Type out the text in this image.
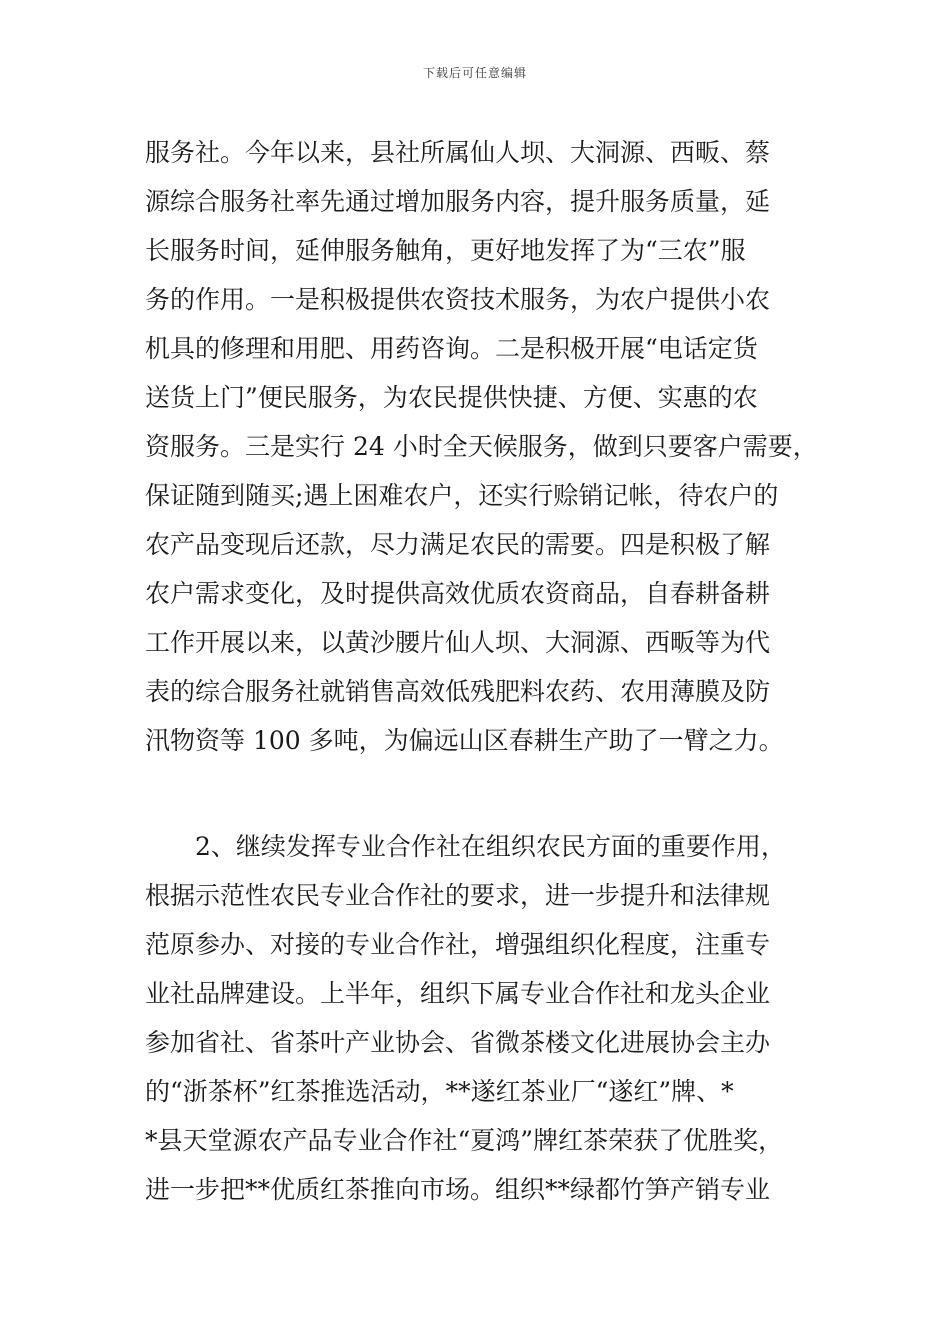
下载后可任意编辑
服务社。今年以来，县社所属仙人坝、大洞源、西畈、蔡
源综合服务社率先通过增加服务内容，提升服务质量，延
长服务时间，延伸服务触角，更好地发挥了为“三农”服
务的作用。一是积极提供农资技术服务，为农户提供小农
机具的修理和用肥、用药咨询。二是积极开展“电话定货
送货上门”便民服务，为农民提供快捷、方便、实惠的农
资服务。三是实行 24 小时全天候服务，做到只要客户需要，
保证随到随买;遇上困难农户，还实行赊销记帐，待农户的
农产品变现后还款，尽力满足农民的需要。四是积极了解
农户需求变化，及时提供高效优质农资商品，自春耕备耕
工作开展以来，以黄沙腰片仙人坝、大洞源、西畈等为代
表的综合服务社就销售高效低残肥料农药、农用薄膜及防
汛物资等 100 多吨，为偏远山区春耕生产助了一臂之力。
2、继续发挥专业合作社在组织农民方面的重要作用，
根据示范性农民专业合作社的要求，进一步提升和法律规
范原参办、对接的专业合作社，增强组织化程度，注重专
业社品牌建设。上半年，组织下属专业合作社和龙头企业
参加省社、省茶叶产业协会、省微茶楼文化进展协会主办
的“浙茶杯”红茶推选活动，**遂红茶业厂“遂红”牌、*
*县天堂源农产品专业合作社“夏鸿”牌红茶荣获了优胜奖，
进一步把**优质红茶推向市场。组织**绿都竹笋产销专业
